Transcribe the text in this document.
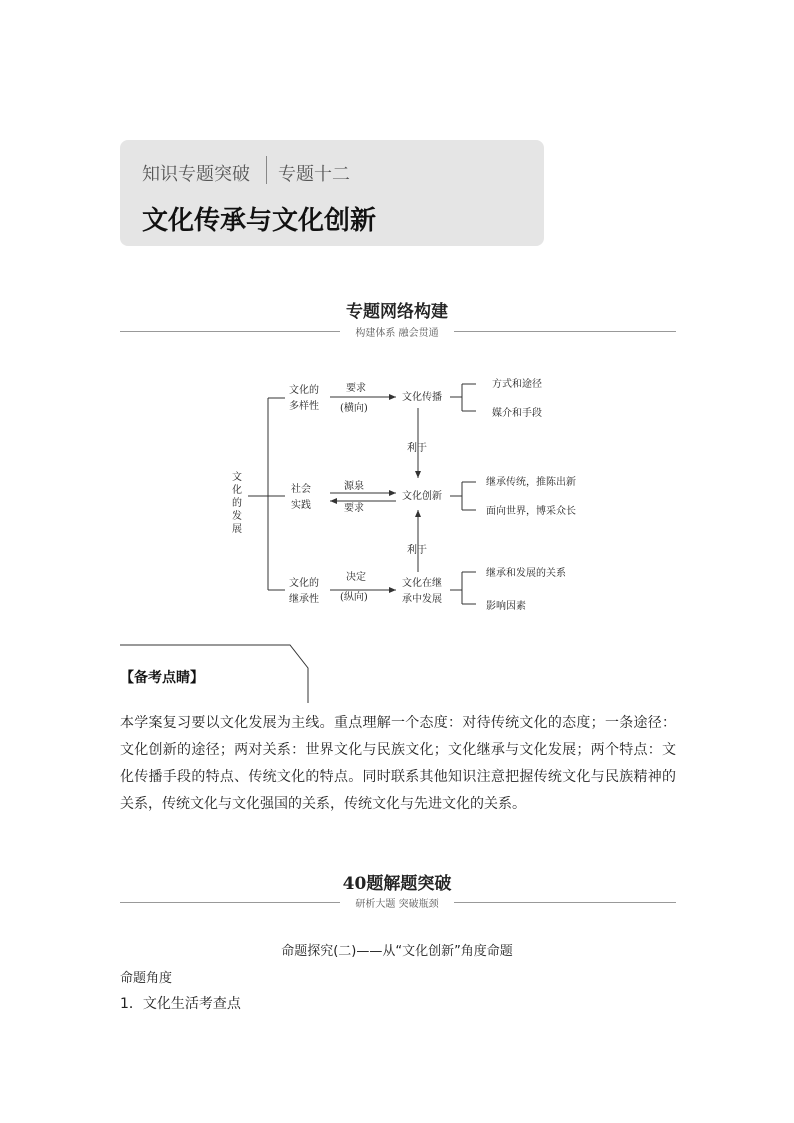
知识专题突破 专题十二
文化传承与文化创新
专题网络构建
构建体系 融会贯通
文
化
的
发
展
文化的
多样性
社会
实践
文化的
继承性
要求
(横向)
源泉
要求
决定
(纵向)
文化传播
文化创新
文化在继
承中发展
利于
利于
方式和途径
媒介和手段
继承传统，推陈出新
面向世界，博采众长
继承和发展的关系
影响因素
【备考点睛】
本学案复习要以文化发展为主线。重点理解一个态度：对待传统文化的态度；一条途径：文化创新的途径；两对关系：世界文化与民族文化；文化继承与文化发展；两个特点：文化传播手段的特点、传统文化的特点。同时联系其他知识注意把握传统文化与民族精神的关系，传统文化与文化强国的关系，传统文化与先进文化的关系。
40题解题突破
研析大题 突破瓶颈
命题探究(二)——从“文化创新”角度命题
命题角度
1．文化生活考查点
